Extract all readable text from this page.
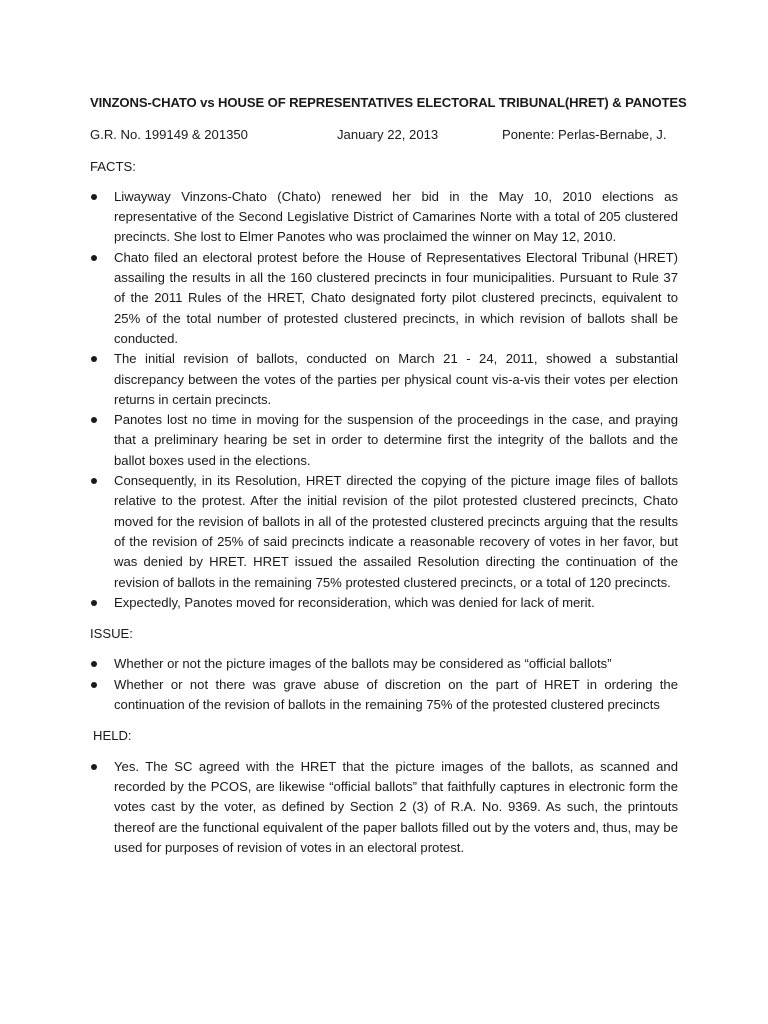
VINZONS-CHATO vs HOUSE OF REPRESENTATIVES ELECTORAL TRIBUNAL(HRET) & PANOTES
G.R. No. 199149 & 201350	January 22, 2013	Ponente: Perlas-Bernabe, J.
FACTS:
Liwayway Vinzons-Chato (Chato) renewed her bid in the May 10, 2010 elections as representative of the Second Legislative District of Camarines Norte with a total of 205 clustered precincts. She lost to Elmer Panotes who was proclaimed the winner on May 12, 2010.
Chato filed an electoral protest before the House of Representatives Electoral Tribunal (HRET) assailing the results in all the 160 clustered precincts in four municipalities. Pursuant to Rule 37 of the 2011 Rules of the HRET, Chato designated forty pilot clustered precincts, equivalent to 25% of the total number of protested clustered precincts, in which revision of ballots shall be conducted.
The initial revision of ballots, conducted on March 21 - 24, 2011, showed a substantial discrepancy between the votes of the parties per physical count vis-a-vis their votes per election returns in certain precincts.
Panotes lost no time in moving for the suspension of the proceedings in the case, and praying that a preliminary hearing be set in order to determine first the integrity of the ballots and the ballot boxes used in the elections.
Consequently, in its Resolution, HRET directed the copying of the picture image files of ballots relative to the protest. After the initial revision of the pilot protested clustered precincts, Chato moved for the revision of ballots in all of the protested clustered precincts arguing that the results of the revision of 25% of said precincts indicate a reasonable recovery of votes in her favor, but was denied by HRET. HRET issued the assailed Resolution directing the continuation of the revision of ballots in the remaining 75% protested clustered precincts, or a total of 120 precincts.
Expectedly, Panotes moved for reconsideration, which was denied for lack of merit.
ISSUE:
Whether or not the picture images of the ballots may be considered as “official ballots”
Whether or not there was grave abuse of discretion on the part of HRET in ordering the continuation of the revision of ballots in the remaining 75% of the protested clustered precincts
HELD:
Yes. The SC agreed with the HRET that the picture images of the ballots, as scanned and recorded by the PCOS, are likewise “official ballots” that faithfully captures in electronic form the votes cast by the voter, as defined by Section 2 (3) of R.A. No. 9369. As such, the printouts thereof are the functional equivalent of the paper ballots filled out by the voters and, thus, may be used for purposes of revision of votes in an electoral protest.
